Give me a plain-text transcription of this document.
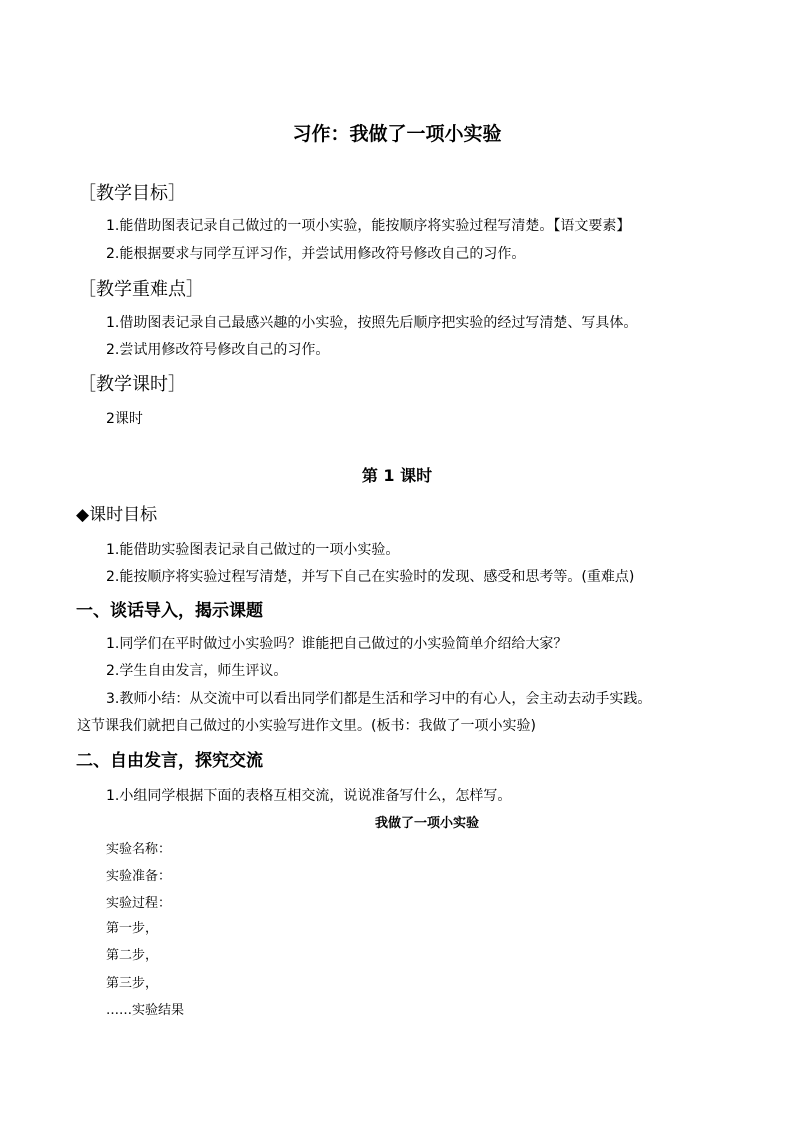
习作：我做了一项小实验
［教学目标］
1.能借助图表记录自己做过的一项小实验，能按顺序将实验过程写清楚。【语文要素】
2.能根据要求与同学互评习作，并尝试用修改符号修改自己的习作。
［教学重难点］
1.借助图表记录自己最感兴趣的小实验，按照先后顺序把实验的经过写清楚、写具体。
2.尝试用修改符号修改自己的习作。
［教学课时］
2课时
第 1 课时
◆课时目标
1.能借助实验图表记录自己做过的一项小实验。
2.能按顺序将实验过程写清楚，并写下自己在实验时的发现、感受和思考等。(重难点)
一、谈话导入，揭示课题
1.同学们在平时做过小实验吗？谁能把自己做过的小实验简单介绍给大家？
2.学生自由发言，师生评议。
3.教师小结：从交流中可以看出同学们都是生活和学习中的有心人，会主动去动手实践。
这节课我们就把自己做过的小实验写进作文里。(板书：我做了一项小实验)
二、自由发言，探究交流
1.小组同学根据下面的表格互相交流，说说准备写什么，怎样写。
我做了一项小实验
实验名称：
实验准备：
实验过程：
第一步，
第二步，
第三步，
……实验结果
